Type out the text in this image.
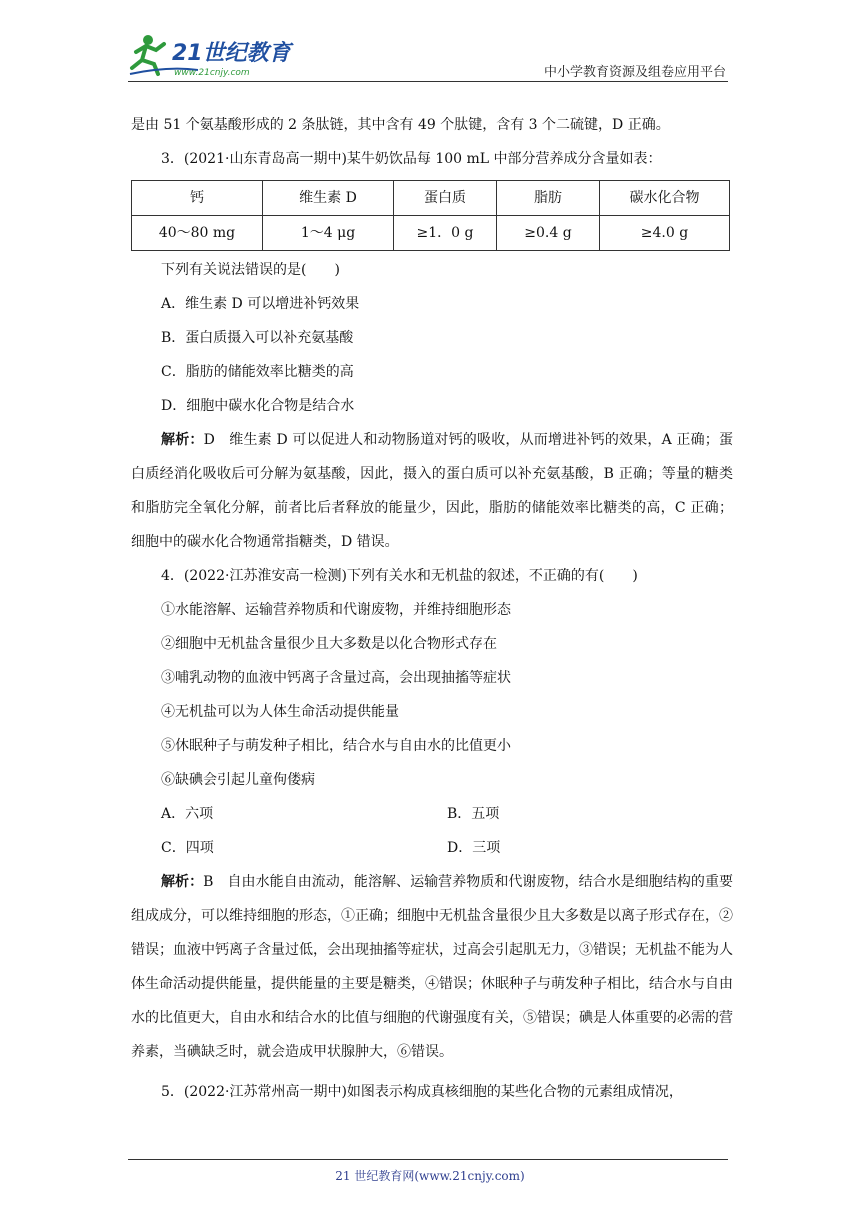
21世纪教育
www.21cnjy.com	中小学教育资源及组卷应用平台

是由 51 个氨基酸形成的 2 条肽链，其中含有 49 个肽键，含有 3 个二硫键，D 正确。

3．(2021·山东青岛高一期中)某牛奶饮品每 100 mL 中部分营养成分含量如表：

钙	维生素 D	蛋白质	脂肪	碳水化合物
40～80 mg	1～4 μg	≥1．0 g	≥0.4 g	≥4.0 g

下列有关说法错误的是(　　)

A．维生素 D 可以增进补钙效果

B．蛋白质摄入可以补充氨基酸

C．脂肪的储能效率比糖类的高

D．细胞中碳水化合物是结合水

解析：D　维生素 D 可以促进人和动物肠道对钙的吸收，从而增进补钙的效果，A 正确；蛋白质经消化吸收后可分解为氨基酸，因此，摄入的蛋白质可以补充氨基酸，B 正确；等量的糖类和脂肪完全氧化分解，前者比后者释放的能量少，因此，脂肪的储能效率比糖类的高，C 正确；细胞中的碳水化合物通常指糖类，D 错误。

4．(2022·江苏淮安高一检测)下列有关水和无机盐的叙述，不正确的有(　　)

①水能溶解、运输营养物质和代谢废物，并维持细胞形态

②细胞中无机盐含量很少且大多数是以化合物形式存在

③哺乳动物的血液中钙离子含量过高，会出现抽搐等症状

④无机盐可以为人体生命活动提供能量

⑤休眠种子与萌发种子相比，结合水与自由水的比值更小

⑥缺碘会引起儿童佝偻病

A．六项	B．五项
C．四项	D．三项

解析：B　自由水能自由流动，能溶解、运输营养物质和代谢废物，结合水是细胞结构的重要组成成分，可以维持细胞的形态，①正确；细胞中无机盐含量很少且大多数是以离子形式存在，②错误；血液中钙离子含量过低，会出现抽搐等症状，过高会引起肌无力，③错误；无机盐不能为人体生命活动提供能量，提供能量的主要是糖类，④错误；休眠种子与萌发种子相比，结合水与自由水的比值更大，自由水和结合水的比值与细胞的代谢强度有关，⑤错误；碘是人体重要的必需的营养素，当碘缺乏时，就会造成甲状腺肿大，⑥错误。

5．(2022·江苏常州高一期中)如图表示构成真核细胞的某些化合物的元素组成情况，

21 世纪教育网(www.21cnjy.com)
